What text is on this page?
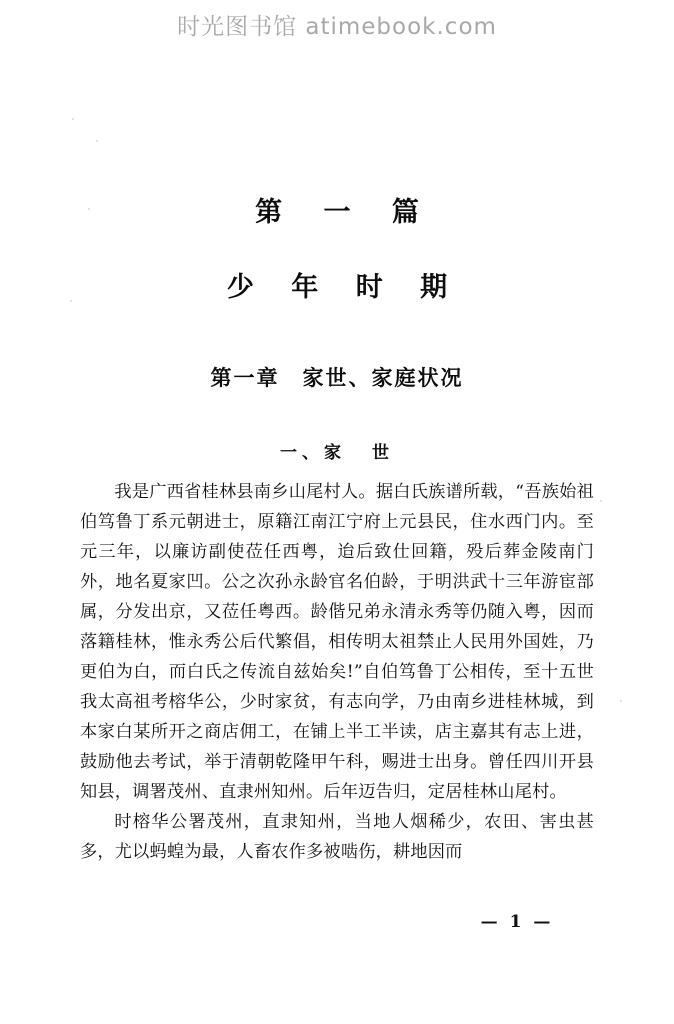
时光图书馆 atimebook.com
第 一 篇
少 年 时 期
第一章　家世、家庭状况
一、家 世

我是广西省桂林县南乡山尾村人。据白氏族谱所载，“吾族始祖伯笃鲁丁系元朝进士，原籍江南江宁府上元县民，住水西门内。至元三年，以廉访副使莅任西粤，迨后致仕回籍，殁后葬金陵南门外，地名夏家凹。公之次孙永龄官名伯龄，于明洪武十三年游宦部属，分发出京，又莅任粤西。龄偕兄弟永清永秀等仍随入粤，因而落籍桂林，惟永秀公后代繁倡，相传明太祖禁止人民用外国姓，乃更伯为白，而白氏之传流自兹始矣!”自伯笃鲁丁公相传，至十五世我太高祖考榕华公，少时家贫，有志向学，乃由南乡进桂林城，到本家白某所开之商店佣工，在铺上半工半读，店主嘉其有志上进，鼓励他去考试，举于清朝乾隆甲午科，赐进士出身。曾任四川开县知县，调署茂州、直隶州知州。后年迈告归，定居桂林山尾村。

时榕华公署茂州，直隶知州，当地人烟稀少，农田、害虫甚多，尤以蚂蝗为最，人畜农作多被啮伤，耕地因而

— 1 —
